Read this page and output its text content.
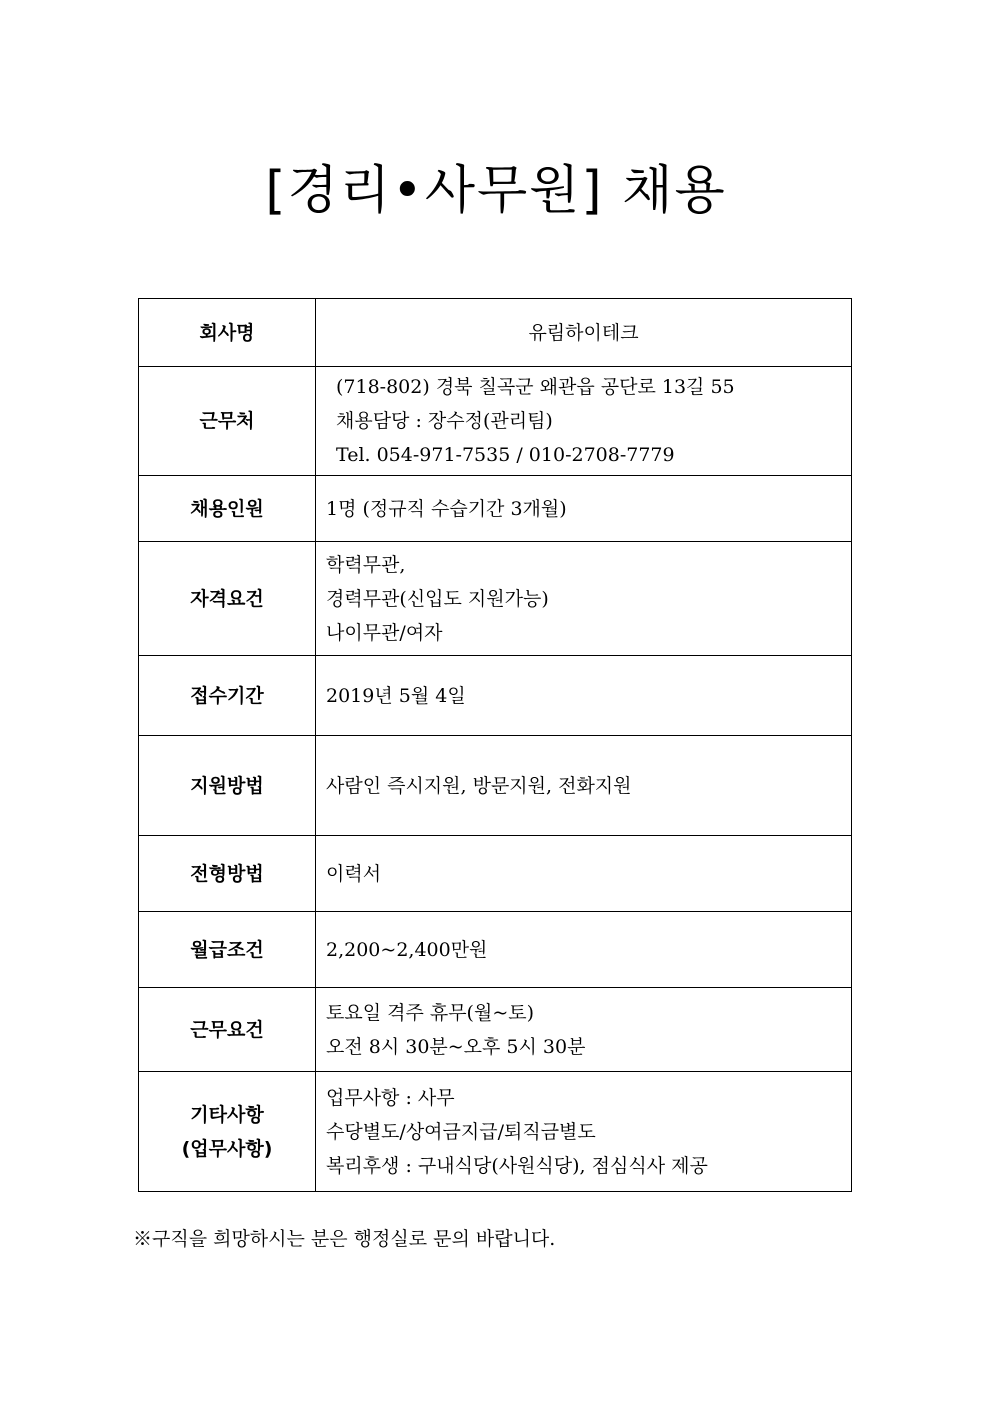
[경리•사무원] 채용
회사명	유림하이테크

근무처	(718-802) 경북 칠곡군 왜관읍 공단로 13길 55
채용담당 : 장수정(관리팀)
Tel. 054-971-7535 / 010-2708-7779

채용인원	1명 (정규직 수습기간 3개월)

자격요건	학력무관,
경력무관(신입도 지원가능)
나이무관/여자

접수기간	2019년 5월 4일

지원방법	사람인 즉시지원, 방문지원, 전화지원

전형방법	이력서

월급조건	2,200~2,400만원

근무요건	토요일 격주 휴무(월~토)
오전 8시 30분~오후 5시 30분

기타사항
(업무사항)	업무사항 : 사무
수당별도/상여금지급/퇴직금별도
복리후생 : 구내식당(사원식당), 점심식사 제공
※구직을 희망하시는 분은 행정실로 문의 바랍니다.
